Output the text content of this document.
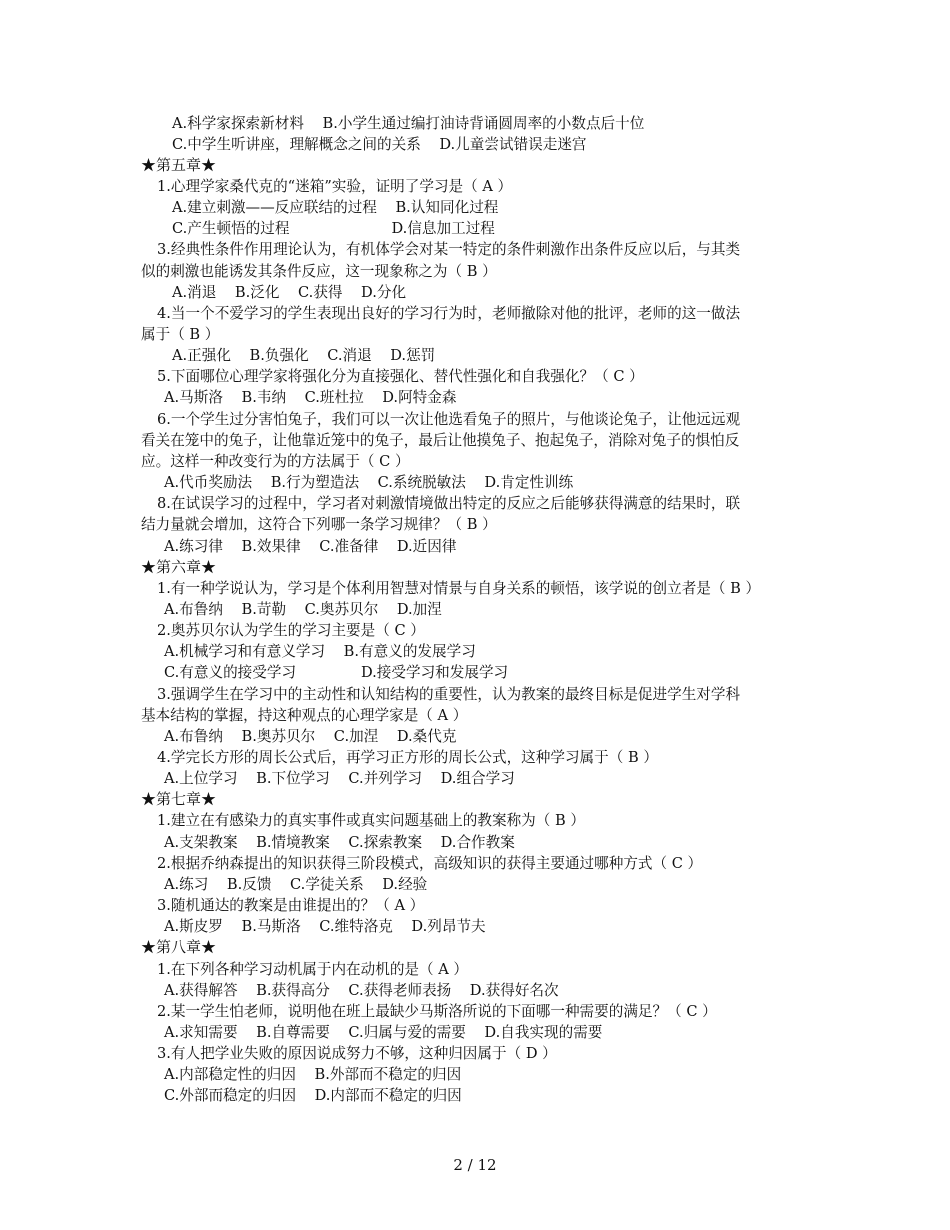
A.科学家探索新材料    B.小学生通过编打油诗背诵圆周率的小数点后十位
C.中学生听讲座，理解概念之间的关系    D.儿童尝试错误走迷宫
★第五章★
1.心理学家桑代克的“迷箱”实验，证明了学习是（ A ）
A.建立刺激——反应联结的过程    B.认知同化过程
C.产生顿悟的过程                      D.信息加工过程
3.经典性条件作用理论认为，有机体学会对某一特定的条件刺激作出条件反应以后，与其类
似的刺激也能诱发其条件反应，这一现象称之为（ B ）
A.消退    B.泛化    C.获得    D.分化
4.当一个不爱学习的学生表现出良好的学习行为时，老师撤除对他的批评，老师的这一做法
属于（ B ）
A.正强化    B.负强化    C.消退    D.惩罚
5.下面哪位心理学家将强化分为直接强化、替代性强化和自我强化？（ C ）
A.马斯洛    B.韦纳    C.班杜拉    D.阿特金森
6.一个学生过分害怕兔子，我们可以一次让他选看兔子的照片，与他谈论兔子，让他远远观
看关在笼中的兔子，让他靠近笼中的兔子，最后让他摸兔子、抱起兔子，消除对兔子的惧怕反
应。这样一种改变行为的方法属于（ C ）
A.代币奖励法    B.行为塑造法    C.系统脱敏法    D.肯定性训练
8.在试误学习的过程中，学习者对刺激情境做出特定的反应之后能够获得满意的结果时，联
结力量就会增加，这符合下列哪一条学习规律？（ B ）
A.练习律    B.效果律    C.准备律    D.近因律
★第六章★
1.有一种学说认为，学习是个体利用智慧对情景与自身关系的顿悟，该学说的创立者是（ B ）
A.布鲁纳    B.苛勒    C.奥苏贝尔    D.加涅
2.奥苏贝尔认为学生的学习主要是（ C ）
A.机械学习和有意义学习    B.有意义的发展学习
C.有意义的接受学习              D.接受学习和发展学习
3.强调学生在学习中的主动性和认知结构的重要性，认为教案的最终目标是促进学生对学科
基本结构的掌握，持这种观点的心理学家是（ A ）
A.布鲁纳    B.奥苏贝尔    C.加涅    D.桑代克
4.学完长方形的周长公式后，再学习正方形的周长公式，这种学习属于（ B ）
A.上位学习    B.下位学习    C.并列学习    D.组合学习
★第七章★
1.建立在有感染力的真实事件或真实问题基础上的教案称为（ B ）
A.支架教案    B.情境教案    C.探索教案    D.合作教案
2.根据乔纳森提出的知识获得三阶段模式，高级知识的获得主要通过哪种方式（ C ）
A.练习    B.反馈    C.学徒关系    D.经验
3.随机通达的教案是由谁提出的？（ A ）
A.斯皮罗    B.马斯洛    C.维特洛克    D.列昂节夫
★第八章★
1.在下列各种学习动机属于内在动机的是（ A ）
A.获得解答    B.获得高分    C.获得老师表扬    D.获得好名次
2.某一学生怕老师，说明他在班上最缺少马斯洛所说的下面哪一种需要的满足？（ C ）
A.求知需要    B.自尊需要    C.归属与爱的需要    D.自我实现的需要
3.有人把学业失败的原因说成努力不够，这种归因属于（ D ）
A.内部稳定性的归因    B.外部而不稳定的归因
C.外部而稳定的归因    D.内部而不稳定的归因
2 / 12
